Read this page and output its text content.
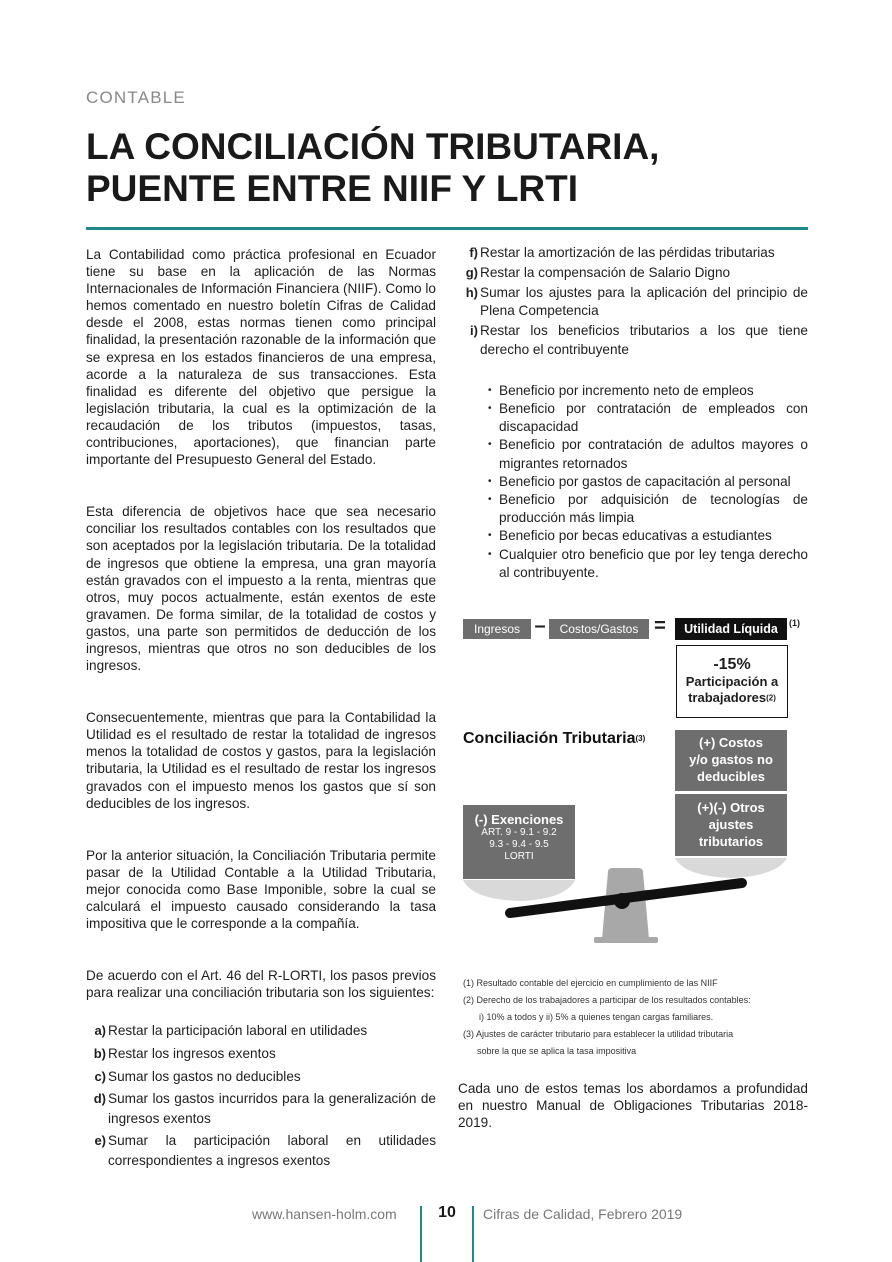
CONTABLE
LA CONCILIACIÓN TRIBUTARIA,
PUENTE ENTRE NIIF Y LRTI

La Contabilidad como práctica profesional en Ecuador tiene su base en la aplicación de las Normas Internacionales de Información Financiera (NIIF). Como lo hemos comentado en nuestro boletín Cifras de Calidad desde el 2008, estas normas tienen como principal finalidad, la presentación razonable de la información que se expresa en los estados financieros de una empresa, acorde a la naturaleza de sus transacciones. Esta finalidad es diferente del objetivo que persigue la legislación tributaria, la cual es la optimización de la recaudación de los tributos (impuestos, tasas, contribuciones, aportaciones), que financian parte importante del Presupuesto General del Estado.

Esta diferencia de objetivos hace que sea necesario conciliar los resultados contables con los resultados que son aceptados por la legislación tributaria. De la totalidad de ingresos que obtiene la empresa, una gran mayoría están gravados con el impuesto a la renta, mientras que otros, muy pocos actualmente, están exentos de este gravamen. De forma similar, de la totalidad de costos y gastos, una parte son permitidos de deducción de los ingresos, mientras que otros no son deducibles de los ingresos.

Consecuentemente, mientras que para la Contabilidad la Utilidad es el resultado de restar la totalidad de ingresos menos la totalidad de costos y gastos, para la legislación tributaria, la Utilidad es el resultado de restar los ingresos gravados con el impuesto menos los gastos que sí son deducibles de los ingresos.

Por la anterior situación, la Conciliación Tributaria permite pasar de la Utilidad Contable a la Utilidad Tributaria, mejor conocida como Base Imponible, sobre la cual se calculará el impuesto causado considerando la tasa impositiva que le corresponde a la compañía.

De acuerdo con el Art. 46 del R-LORTI, los pasos previos para realizar una conciliación tributaria son los siguientes:

a) Restar la participación laboral en utilidades
b) Restar los ingresos exentos
c) Sumar los gastos no deducibles
d) Sumar los gastos incurridos para la generalización de ingresos exentos
e) Sumar la participación laboral en utilidades correspondientes a ingresos exentos
f) Restar la amortización de las pérdidas tributarias
g) Restar la compensación de Salario Digno
h) Sumar los ajustes para la aplicación del principio de Plena Competencia
i) Restar los beneficios tributarios a los que tiene derecho el contribuyente
• Beneficio por incremento neto de empleos
• Beneficio por contratación de empleados con discapacidad
• Beneficio por contratación de adultos mayores o migrantes retornados
• Beneficio por gastos de capacitación al personal
• Beneficio por adquisición de tecnologías de producción más limpia
• Beneficio por becas educativas a estudiantes
• Cualquier otro beneficio que por ley tenga derecho al contribuyente.
Ingresos –	Costos/Gastos =	Utilidad Líquida	(1)
-15%
Participación a
trabajadores(2)
Conciliación Tributaria$^{(3)}$	(+) Costos
y/o gastos no
deducibles
(+)(-) Otros
ajustes
tributarios
(-) Exenciones
ART. 9 - 9.1 - 9.2
9.3 - 9.4 - 9.5
LORTI
(1) Resultado contable del ejercicio en cumplimiento de las NIIF
(2) Derecho de los trabajadores a participar de los resultados contables:
i) 10% a todos y ii) 5% a quienes tengan cargas familiares.
(3) Ajustes de carácter tributario para establecer la utilidad tributaria
sobre la que se aplica la tasa impositiva
Cada uno de estos temas los abordamos a profundidad en nuestro Manual de Obligaciones Tributarias 2018-2019.
www.hansen-holm.com	10	Cifras de Calidad, Febrero 2019
